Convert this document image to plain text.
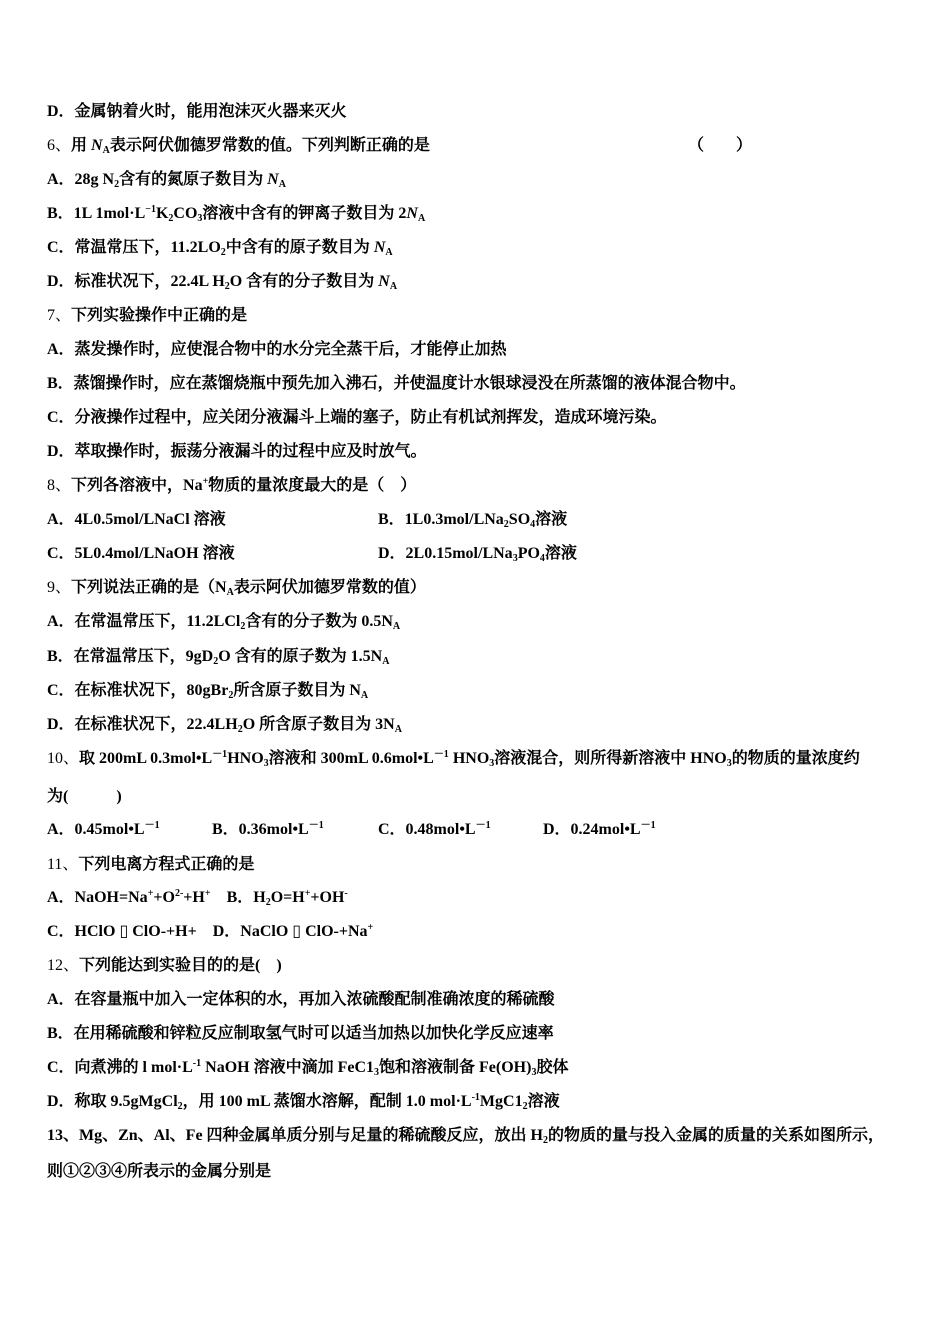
D．金属钠着火时，能用泡沫灭火器来灭火
6、用 $N_A$表示阿伏伽德罗常数的值。下列判断正确的是	（　　）
A．28g $N_2$含有的氮原子数目为 $N_A$
B．1L $1mol\cdot L^{-1}K_2CO_3$溶液中含有的钾离子数目为 $2N_A$
C．常温常压下，$11.2LO_2$中含有的原子数目为 $N_A$
D．标准状况下，22.4L $H_2O$ 含有的分子数目为 $N_A$
7、下列实验操作中正确的是
A．蒸发操作时，应使混合物中的水分完全蒸干后，才能停止加热
B．蒸馏操作时，应在蒸馏烧瓶中预先加入沸石，并使温度计水银球浸没在所蒸馏的液体混合物中。
C．分液操作过程中，应关闭分液漏斗上端的塞子，防止有机试剂挥发，造成环境污染。
D．萃取操作时，振荡分液漏斗的过程中应及时放气。
8、下列各溶液中，Na+物质的量浓度最大的是（　）
A．4L0.5mol/LNaCl 溶液	B．$1L0.3mol/LNa_2SO_4$溶液
C．5L0.4mol/LNaOH 溶液	D．$2L0.15mol/LNa_3PO_4$溶液
9、下列说法正确的是（$N_A$表示阿伏加德罗常数的值）
A．在常温常压下，11.2LCl$_2$含有的分子数为 $0.5N_A$
B．在常温常压下，$9gD_2O$ 含有的原子数为 $1.5N_A$
C．在标准状况下，80gBr$_2$所含原子数目为 $N_A$
D．在标准状况下，$22.4LH_2O$ 所含原子数目为 $3N_A$
10、取 200mL $0.3mol•L^{-1}HNO_3$溶液和 300mL $0.6mol•L^{-1}$ $HNO_3$溶液混合，则所得新溶液中 $HNO_3$的物质的量浓度约
为(　　　)
A．$0.45mol•L^{-1}$	B．$0.36mol•L^{-1}$	C．$0.48mol•L^{-1}$	D．$0.24mol•L^{-1}$
11、下列电离方程式正确的是
A．$NaOH=Na^++O^{2-}+H^+$　B．$H_2O=H^++OH^-$
C．HClO ▯ ClO-+H+　D．NaClO ▯ ClO-+Na+
12、下列能达到实验目的的是(　)
A．在容量瓶中加入一定体积的水，再加入浓硫酸配制准确浓度的稀硫酸
B．在用稀硫酸和锌粒反应制取氢气时可以适当加热以加快化学反应速率
C．向煮沸的 l $mol\cdot L^{-1}$ NaOH 溶液中滴加 $FeC1_3$饱和溶液制备 $Fe(OH)_3$胶体
D．称取 9.5gMgCl$_2$，用 100 mL 蒸馏水溶解，配制 1.0 $mol\cdot L^{-1}MgC1_2$溶液
13、Mg、Zn、Al、Fe 四种金属单质分别与足量的稀硫酸反应，放出 $H_2$的物质的量与投入金属的质量的关系如图所示，
则①②③④所表示的金属分别是
